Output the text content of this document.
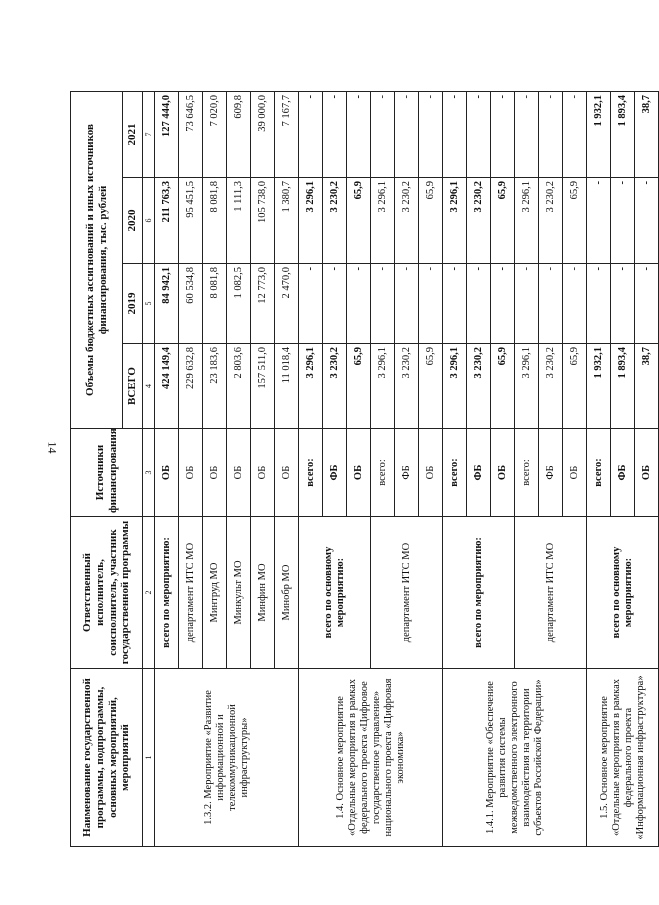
14
Наименование государственной программы, подпрограммы, основных мероприятий, мероприятий	Ответственный исполнитель, соисполнитель, участник государственной программы	Источники финансирования	Объемы бюджетных ассигнований и иных источников финансирования, тыс. рублей			
			ВСЕГО	2019	2020	2021
1	2	3	4	5	6	7
1.3.2. Мероприятие «Развитие информационной и телекоммуникационной инфраструктуры»	всего по мероприятию:	ОБ	424 149,4	84 942,1	211 763,3	127 444,0
	департамент ИТС МО	ОБ	229 632,8	60 534,8	95 451,5	73 646,5
	Минтруд МО	ОБ	23 183,6	8 081,8	8 081,8	7 020,0
	Минкульт МО	ОБ	2 803,6	1 082,5	1 111,3	609,8
	Минфин МО	ОБ	157 511,0	12 773,0	105 738,0	39 000,0
	Минобр МО	ОБ	11 018,4	2 470,0	1 380,7	7 167,7
1.4. Основное мероприятие «Отдельные мероприятия в рамках федерального проекта «Цифровое государственное управление» национального проекта «Цифровая экономика»	всего по основному мероприятию:	всего:	3 296,1	-	3 296,1	-
		ФБ	3 230,2	-	3 230,2	-
		ОБ	65,9	-	65,9	-
	департамент ИТС МО	всего:	3 296,1	-	3 296,1	-
		ФБ	3 230,2	-	3 230,2	-
		ОБ	65,9	-	65,9	-
1.4.1. Мероприятие «Обеспечение развития системы межведомственного электронного взаимодействия на территории субъектов Российской Федерации»	всего по мероприятию:	всего:	3 296,1	-	3 296,1	-
		ФБ	3 230,2	-	3 230,2	-
		ОБ	65,9	-	65,9	-
	департамент ИТС МО	всего:	3 296,1	-	3 296,1	-
		ФБ	3 230,2	-	3 230,2	-
		ОБ	65,9	-	65,9	-
1.5. Основное мероприятие «Отдельные мероприятия в рамках федерального проекта «Информационная инфраструктура»	всего по основному мероприятию:	всего:	1 932,1	-	-	1 932,1
		ФБ	1 893,4	-	-	1 893,4
		ОБ	38,7	-	-	38,7
